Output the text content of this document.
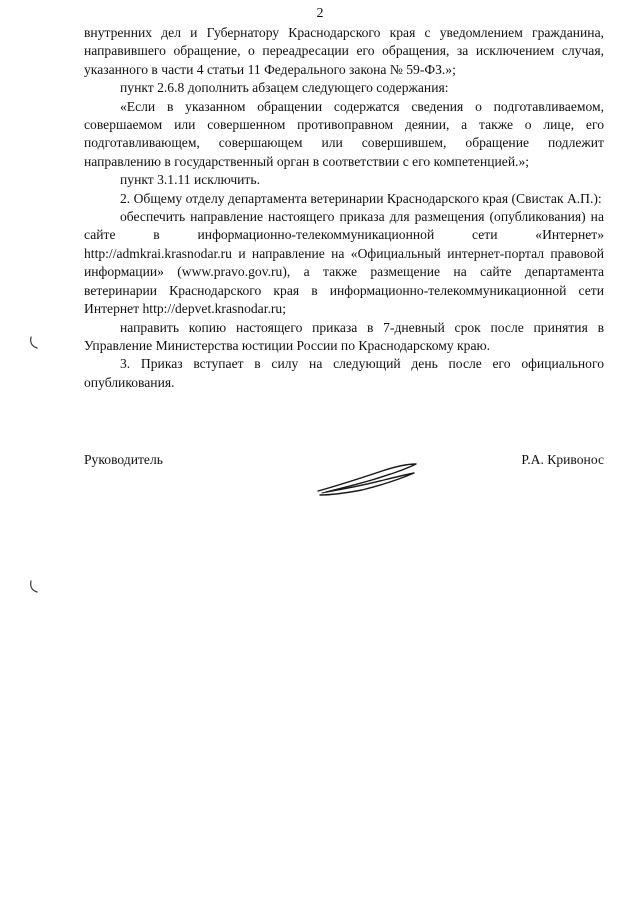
2

внутренних дел и Губернатору Краснодарского края с уведомлением гражданина, направившего обращение, о переадресации его обращения, за исключением случая, указанного в части 4 статьи 11 Федерального закона № 59-ФЗ.»;

пункт 2.6.8 дополнить абзацем следующего содержания:

«Если в указанном обращении содержатся сведения о подготавливаемом, совершаемом или совершенном противоправном деянии, а также о лице, его подготавливающем, совершающем или совершившем, обращение подлежит направлению в государственный орган в соответствии с его компетенцией.»;

пункт 3.1.11 исключить.

2. Общему отделу департамента ветеринарии Краснодарского края (Свистак А.П.):

обеспечить направление настоящего приказа для размещения (опубликования) на сайте в информационно-телекоммуникационной сети «Интернет» http://admkrai.krasnodar.ru и направление на «Официальный интернет-портал правовой информации» (www.pravo.gov.ru), а также размещение на сайте департамента ветеринарии Краснодарского края в информационно-телекоммуникационной сети Интернет http://depvet.krasnodar.ru;

направить копию настоящего приказа в 7-дневный срок после принятия в Управление Министерства юстиции России по Краснодарскому краю.

3. Приказ вступает в силу на следующий день после его официального опубликования.

Руководитель	Р.А. Кривонос
